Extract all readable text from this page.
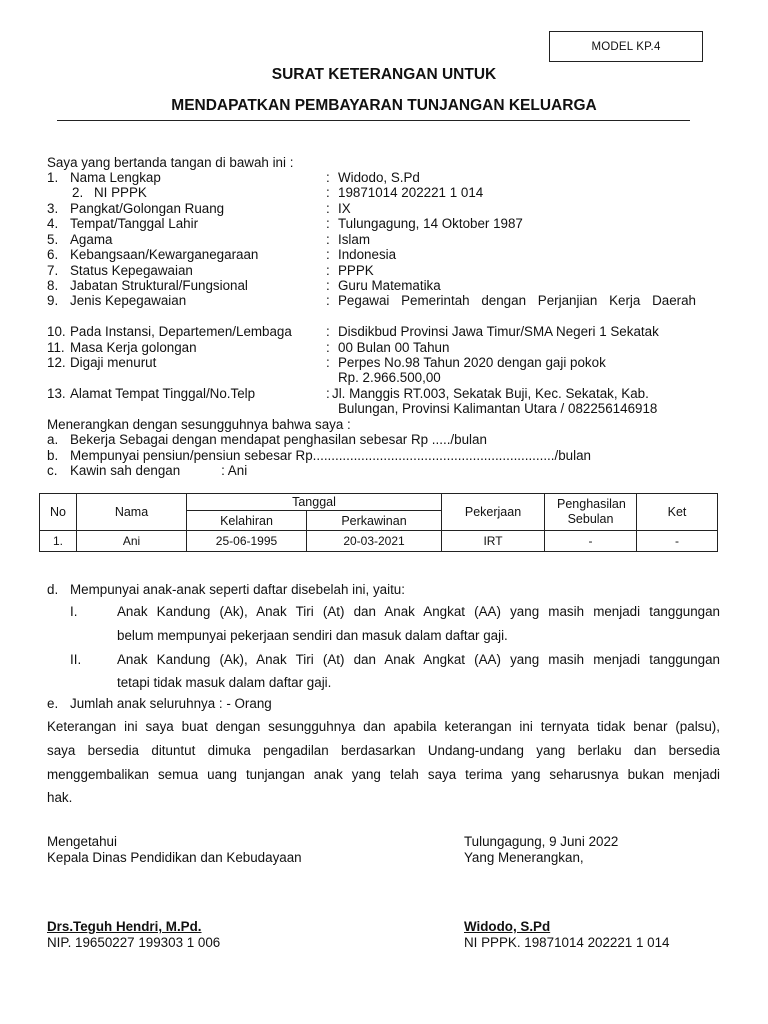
MODEL KP.4
SURAT KETERANGAN UNTUK
MENDAPATKAN PEMBAYARAN TUNJANGAN KELUARGA
Saya yang bertanda tangan di bawah ini :
1. Nama Lengkap	: Widodo, S.Pd
2. NI PPPK	: 19871014 202221 1 014
3. Pangkat/Golongan Ruang	: IX
4. Tempat/Tanggal Lahir	: Tulungagung, 14 Oktober 1987
5. Agama	: Islam
6. Kebangsaan/Kewarganegaraan	: Indonesia
7. Status Kepegawaian	: PPPK
8. Jabatan Struktural/Fungsional	: Guru Matematika
9. Jenis Kepegawaian	: Pegawai Pemerintah dengan Perjanjian Kerja Daerah
10. Pada Instansi, Departemen/Lembaga	: Disdikbud Provinsi Jawa Timur/SMA Negeri 1 Sekatak
11. Masa Kerja golongan	: 00 Bulan 00 Tahun
12. Digaji menurut	: Perpes No.98 Tahun 2020 dengan gaji pokok
Rp. 2.966.500,00
13. Alamat Tempat Tinggal/No.Telp	: Jl. Manggis RT.003, Sekatak Buji, Kec. Sekatak, Kab.
Bulungan, Provinsi Kalimantan Utara / 082256146918
Menerangkan dengan sesungguhnya bahwa saya :
a. Bekerja Sebagai dengan mendapat penghasilan sebesar Rp ...../bulan
b. Mempunyai pensiun/pensiun sebesar Rp................................................................./bulan
c. Kawin sah dengan           : Ani
No	Nama	Tanggal		Pekerjaan	Penghasilan Sebulan	Ket
		Kelahiran	Perkawinan			
1.	Ani	25-06-1995	20-03-2021	IRT	-	-
d. Mempunyai anak-anak seperti daftar disebelah ini, yaitu:
I.	Anak Kandung (Ak), Anak Tiri (At) dan Anak Angkat (AA) yang masih menjadi tanggungan
belum mempunyai pekerjaan sendiri dan masuk dalam daftar gaji.
II.	Anak Kandung (Ak), Anak Tiri (At) dan Anak Angkat (AA) yang masih menjadi tanggungan
tetapi tidak masuk dalam daftar gaji.
e. Jumlah anak seluruhnya : - Orang
Keterangan ini saya buat dengan sesungguhnya dan apabila keterangan ini ternyata tidak benar (palsu),
saya bersedia dituntut dimuka pengadilan berdasarkan Undang-undang yang berlaku dan bersedia
menggembalikan semua uang tunjangan anak yang telah saya terima yang seharusnya bukan menjadi
hak.
Mengetahui
Kepala Dinas Pendidikan dan Kebudayaan
Drs.Teguh Hendri, M.Pd.
NIP. 19650227 199303 1 006
Tulungagung, 9 Juni 2022
Yang Menerangkan,
Widodo, S.Pd
NI PPPK. 19871014 202221 1 014
